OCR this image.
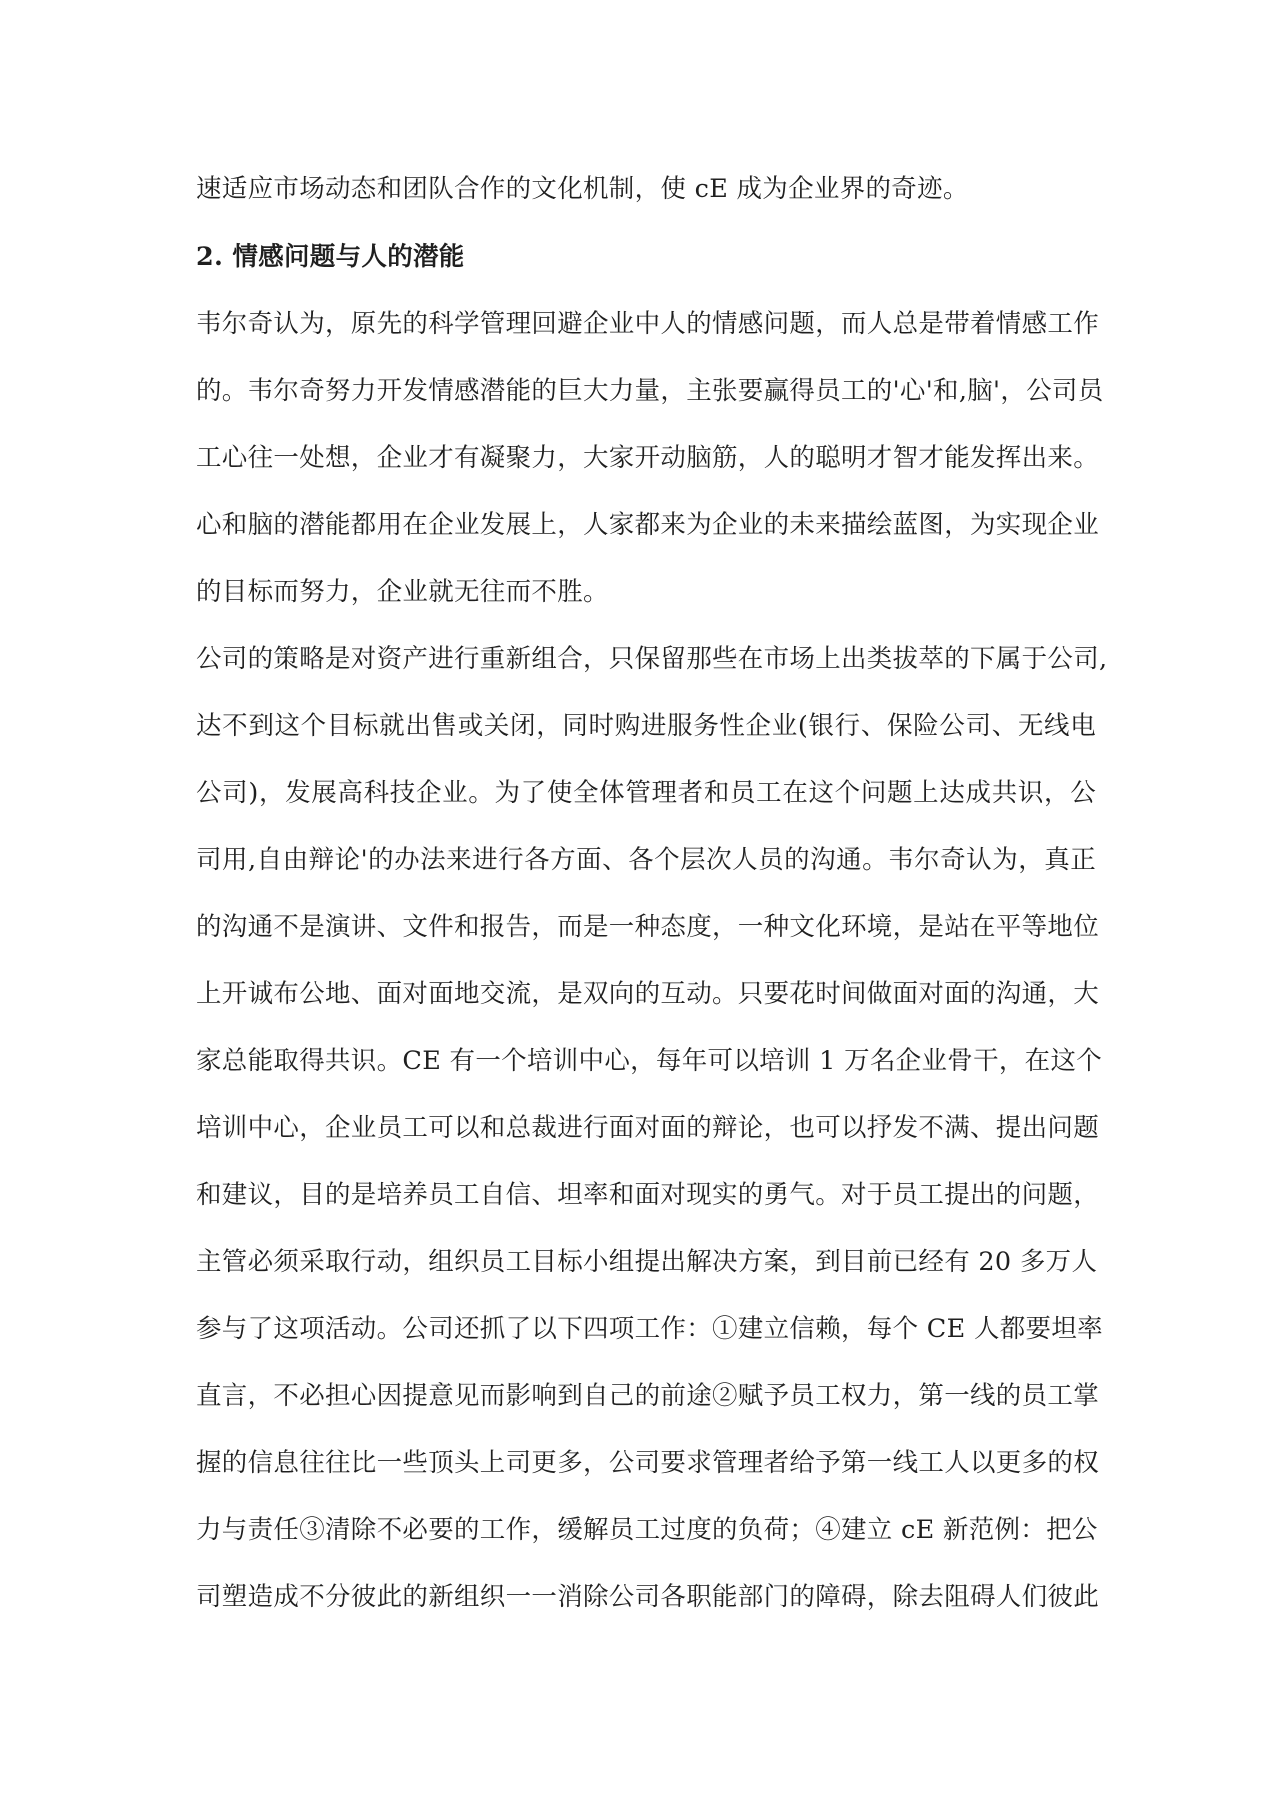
速适应市场动态和团队合作的文化机制，使 cE 成为企业界的奇迹。
2. 情感问题与人的潜能
韦尔奇认为，原先的科学管理回避企业中人的情感问题，而人总是带着情感工作
的。韦尔奇努力开发情感潜能的巨大力量，主张要赢得员工的'心'和,脑'，公司员
工心往一处想，企业才有凝聚力，大家开动脑筋，人的聪明才智才能发挥出来。
心和脑的潜能都用在企业发展上，人家都来为企业的未来描绘蓝图，为实现企业
的目标而努力，企业就无往而不胜。
公司的策略是对资产进行重新组合，只保留那些在市场上出类拔萃的下属于公司,
达不到这个目标就出售或关闭，同时购进服务性企业(银行、保险公司、无线电
公司)，发展高科技企业。为了使全体管理者和员工在这个问题上达成共识，公
司用,自由辩论'的办法来进行各方面、各个层次人员的沟通。韦尔奇认为，真正
的沟通不是演讲、文件和报告，而是一种态度，一种文化环境，是站在平等地位
上开诚布公地、面对面地交流，是双向的互动。只要花时间做面对面的沟通，大
家总能取得共识。CE 有一个培训中心，每年可以培训 1 万名企业骨干，在这个
培训中心，企业员工可以和总裁进行面对面的辩论，也可以抒发不满、提出问题
和建议，目的是培养员工自信、坦率和面对现实的勇气。对于员工提出的问题，
主管必须采取行动，组织员工目标小组提出解决方案，到目前已经有 20 多万人
参与了这项活动。公司还抓了以下四项工作：①建立信赖，每个 CE 人都要坦率
直言，不必担心因提意见而影响到自己的前途②赋予员工权力，第一线的员工掌
握的信息往往比一些顶头上司更多，公司要求管理者给予第一线工人以更多的权
力与责任③清除不必要的工作，缓解员工过度的负荷；④建立 cE 新范例：把公
司塑造成不分彼此的新组织一一消除公司各职能部门的障碍，除去阻碍人们彼此
